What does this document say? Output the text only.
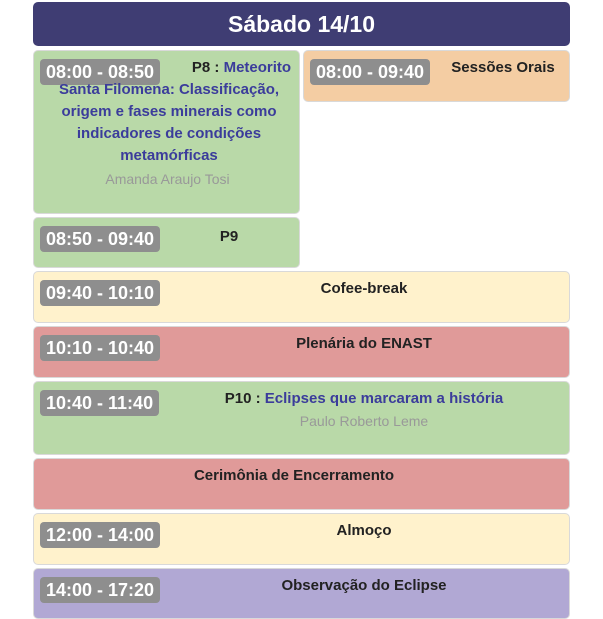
Sábado 14/10
08:00 - 08:50	P8 : Meteorito Santa Filomena: Classificação, origem e fases minerais como indicadores de condições metamórficas
Amanda Araujo Tosi
08:00 - 09:40	Sessões Orais
08:50 - 09:40	P9
09:40 - 10:10	Cofee-break
10:10 - 10:40	Plenária do ENAST
10:40 - 11:40	P10 : Eclipses que marcaram a história
Paulo Roberto Leme
Cerimônia de Encerramento
12:00 - 14:00	Almoço
14:00 - 17:20	Observação do Eclipse
